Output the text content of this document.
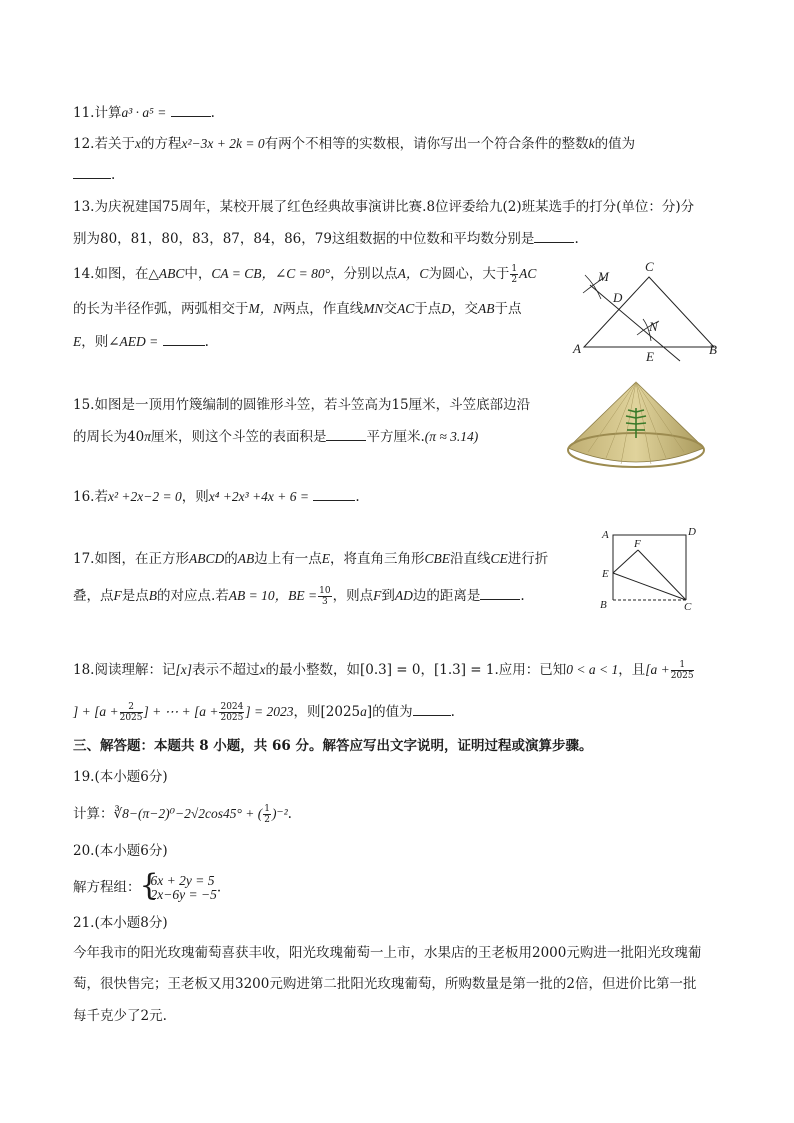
11.计算a³ · a⁵ =	.
12.若关于x的方程x²−3x + 2k = 0有两个不相等的实数根，请你写出一个符合条件的整数k的值为
.
13.为庆祝建国75周年，某校开展了红色经典故事演讲比赛.8位评委给九(2)班某选手的打分(单位：分)分
别为80，81，80，83，87，84，86，79这组数据的中位数和平均数分别是	.
14.如图，在△ABC中，CA = CB，∠C = 80°，分别以点A，C为圆心，大于 $\frac{1}{2}$ AC
的长为半径作弧，两弧相交于M，N两点，作直线MN交AC于点D，交AB于点
E，则∠AED =	.
C
M
D
N
A
E	B
15.如图是一顶用竹篾编制的圆锥形斗笠，若斗笠高为15厘米，斗笠底部边沿
的周长为40π厘米，则这个斗笠的表面积是	平方厘米.(π ≈ 3.14)
16.若x² +2x−2 = 0，则x⁴ +2x³ +4x + 6 =	.
17.如图，在正方形ABCD的AB边上有一点E，将直角三角形CBE沿直线CE进行折
叠，点F是点B的对应点.若AB = 10，BE = $\frac{10}{3}$ ，则点F到AD边的距离是	.
A	D
F
E
B	C
18.阅读理解：记[x]表示不超过x的最小整数，如[0.3] = 0，[1.3] = 1.应用：已知0 < a < 1，且[$a + \frac{1}{2025}$
] + [$a + \frac{2}{2025}$ ] + ⋯ + [$a + \frac{2024}{2025}$ ] = 2023，则[2025a]的值为	.
三、解答题：本题共 8 小题，共 66 分。解答应写出文字说明，证明过程或演算步骤。
19.(本小题6分)
计算：∛8−(π−2)⁰−2√2cos45° + ( $\frac{1}{2} )^{-2}$.
20.(本小题6分)
解方程组：
{ 6x + 2y = 5
2x−6y = −5 .
21.(本小题8分)
今年我市的阳光玫瑰葡萄喜获丰收，阳光玫瑰葡萄一上市，水果店的王老板用2000元购进一批阳光玫瑰葡
萄，很快售完；王老板又用3200元购进第二批阳光玫瑰葡萄，所购数量是第一批的2倍，但进价比第一批
每千克少了2元.
